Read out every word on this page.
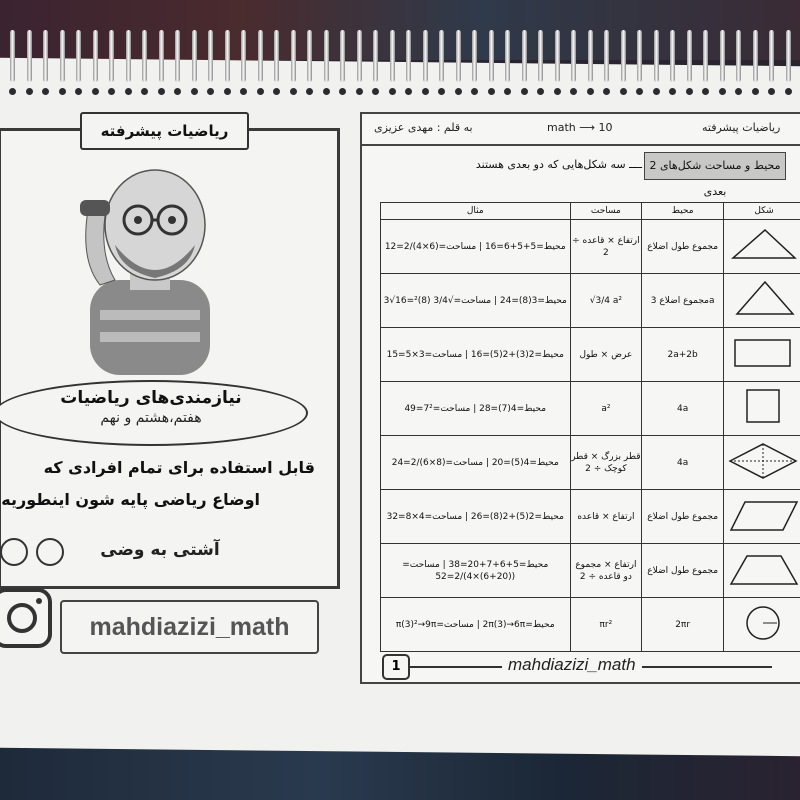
ریاضیات پیشرفته
نیازمندی‌های ریاضیات
هفتم،هشتم و نهم
قابل استفاده برای تمام افرادی که
اوضاع ریاضی پایه شون اینطوریه
آشتی به وضی
mahdiazizi_math
به قلم : مهدی عزیزی	math ⟶ 10	ریاضیات پیشرفته
ــــ سه شکل‌هایی که دو بعدی هستند محیط و مساحت شکل‌های 2 بعدی
مثال	مساحت	محیط	شکل

محیط=5+5+6=16 | مساحت=(6×4)/2=12	ارتفاع × قاعده ÷ 2	مجموع طول اضلاع

محیط=3(8)=24 | مساحت=√3/4 (8)²=16√3	√3/4 a²	مجموع اضلاع 3a

محیط=2(3)+2(5)=16 | مساحت=3×5=15	عرض × طول	2a+2b

محیط=4(7)=28 | مساحت=7²=49	a²	4a

محیط=4(5)=20 | مساحت=(8×6)/2=24	قطر بزرگ × قطر کوچک ÷ 2	4a

محیط=2(5)+2(8)=26 | مساحت=4×8=32	ارتفاع × قاعده	مجموع طول اضلاع

محیط=5+6+7+20=38 | مساحت=((20+6)×4)/2=52	ارتفاع × مجموع دو قاعده ÷ 2	مجموع طول اضلاع

محیط=2π(3)→6π | مساحت=π(3)²→9π	πr²	2πr

1	mahdiazizi_math
